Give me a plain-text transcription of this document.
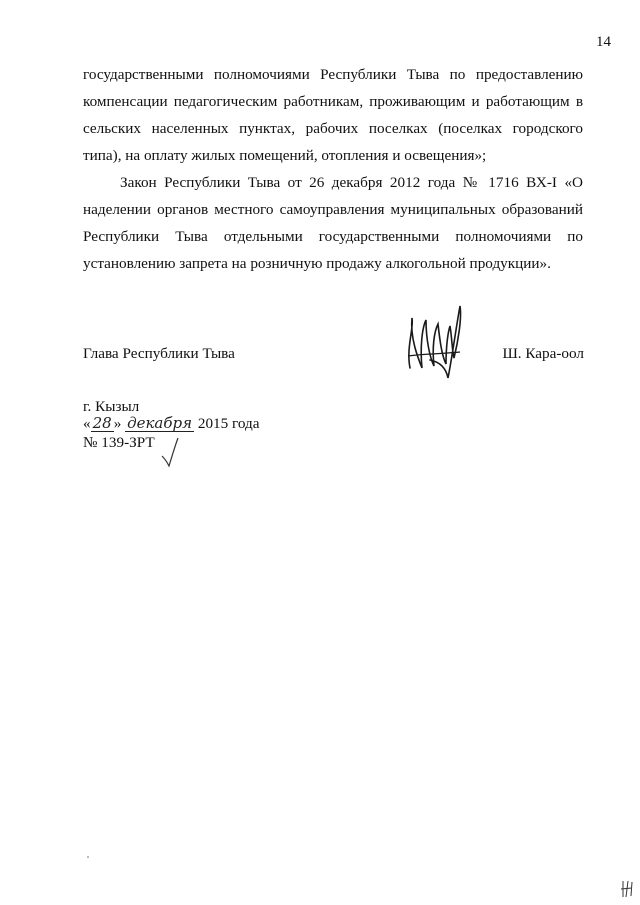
14

государственными полномочиями Республики Тыва по предоставлению компенсации педагогическим работникам, проживающим и работающим в сельских населенных пунктах, рабочих поселках (поселках городского типа), на оплату жилых помещений, отопления и освещения»;

Закон Республики Тыва от 26 декабря 2012 года № 1716 ВХ-I «О наделении органов местного самоуправления муниципальных образований Республики Тыва отдельными государственными полномочиями по установлению запрета на розничную продажу алкогольной продукции».

Глава Республики Тыва	Ш. Кара-оол
г. Кызыл
« 28 » декабря 2015 года
№ 139-ЗРТ
